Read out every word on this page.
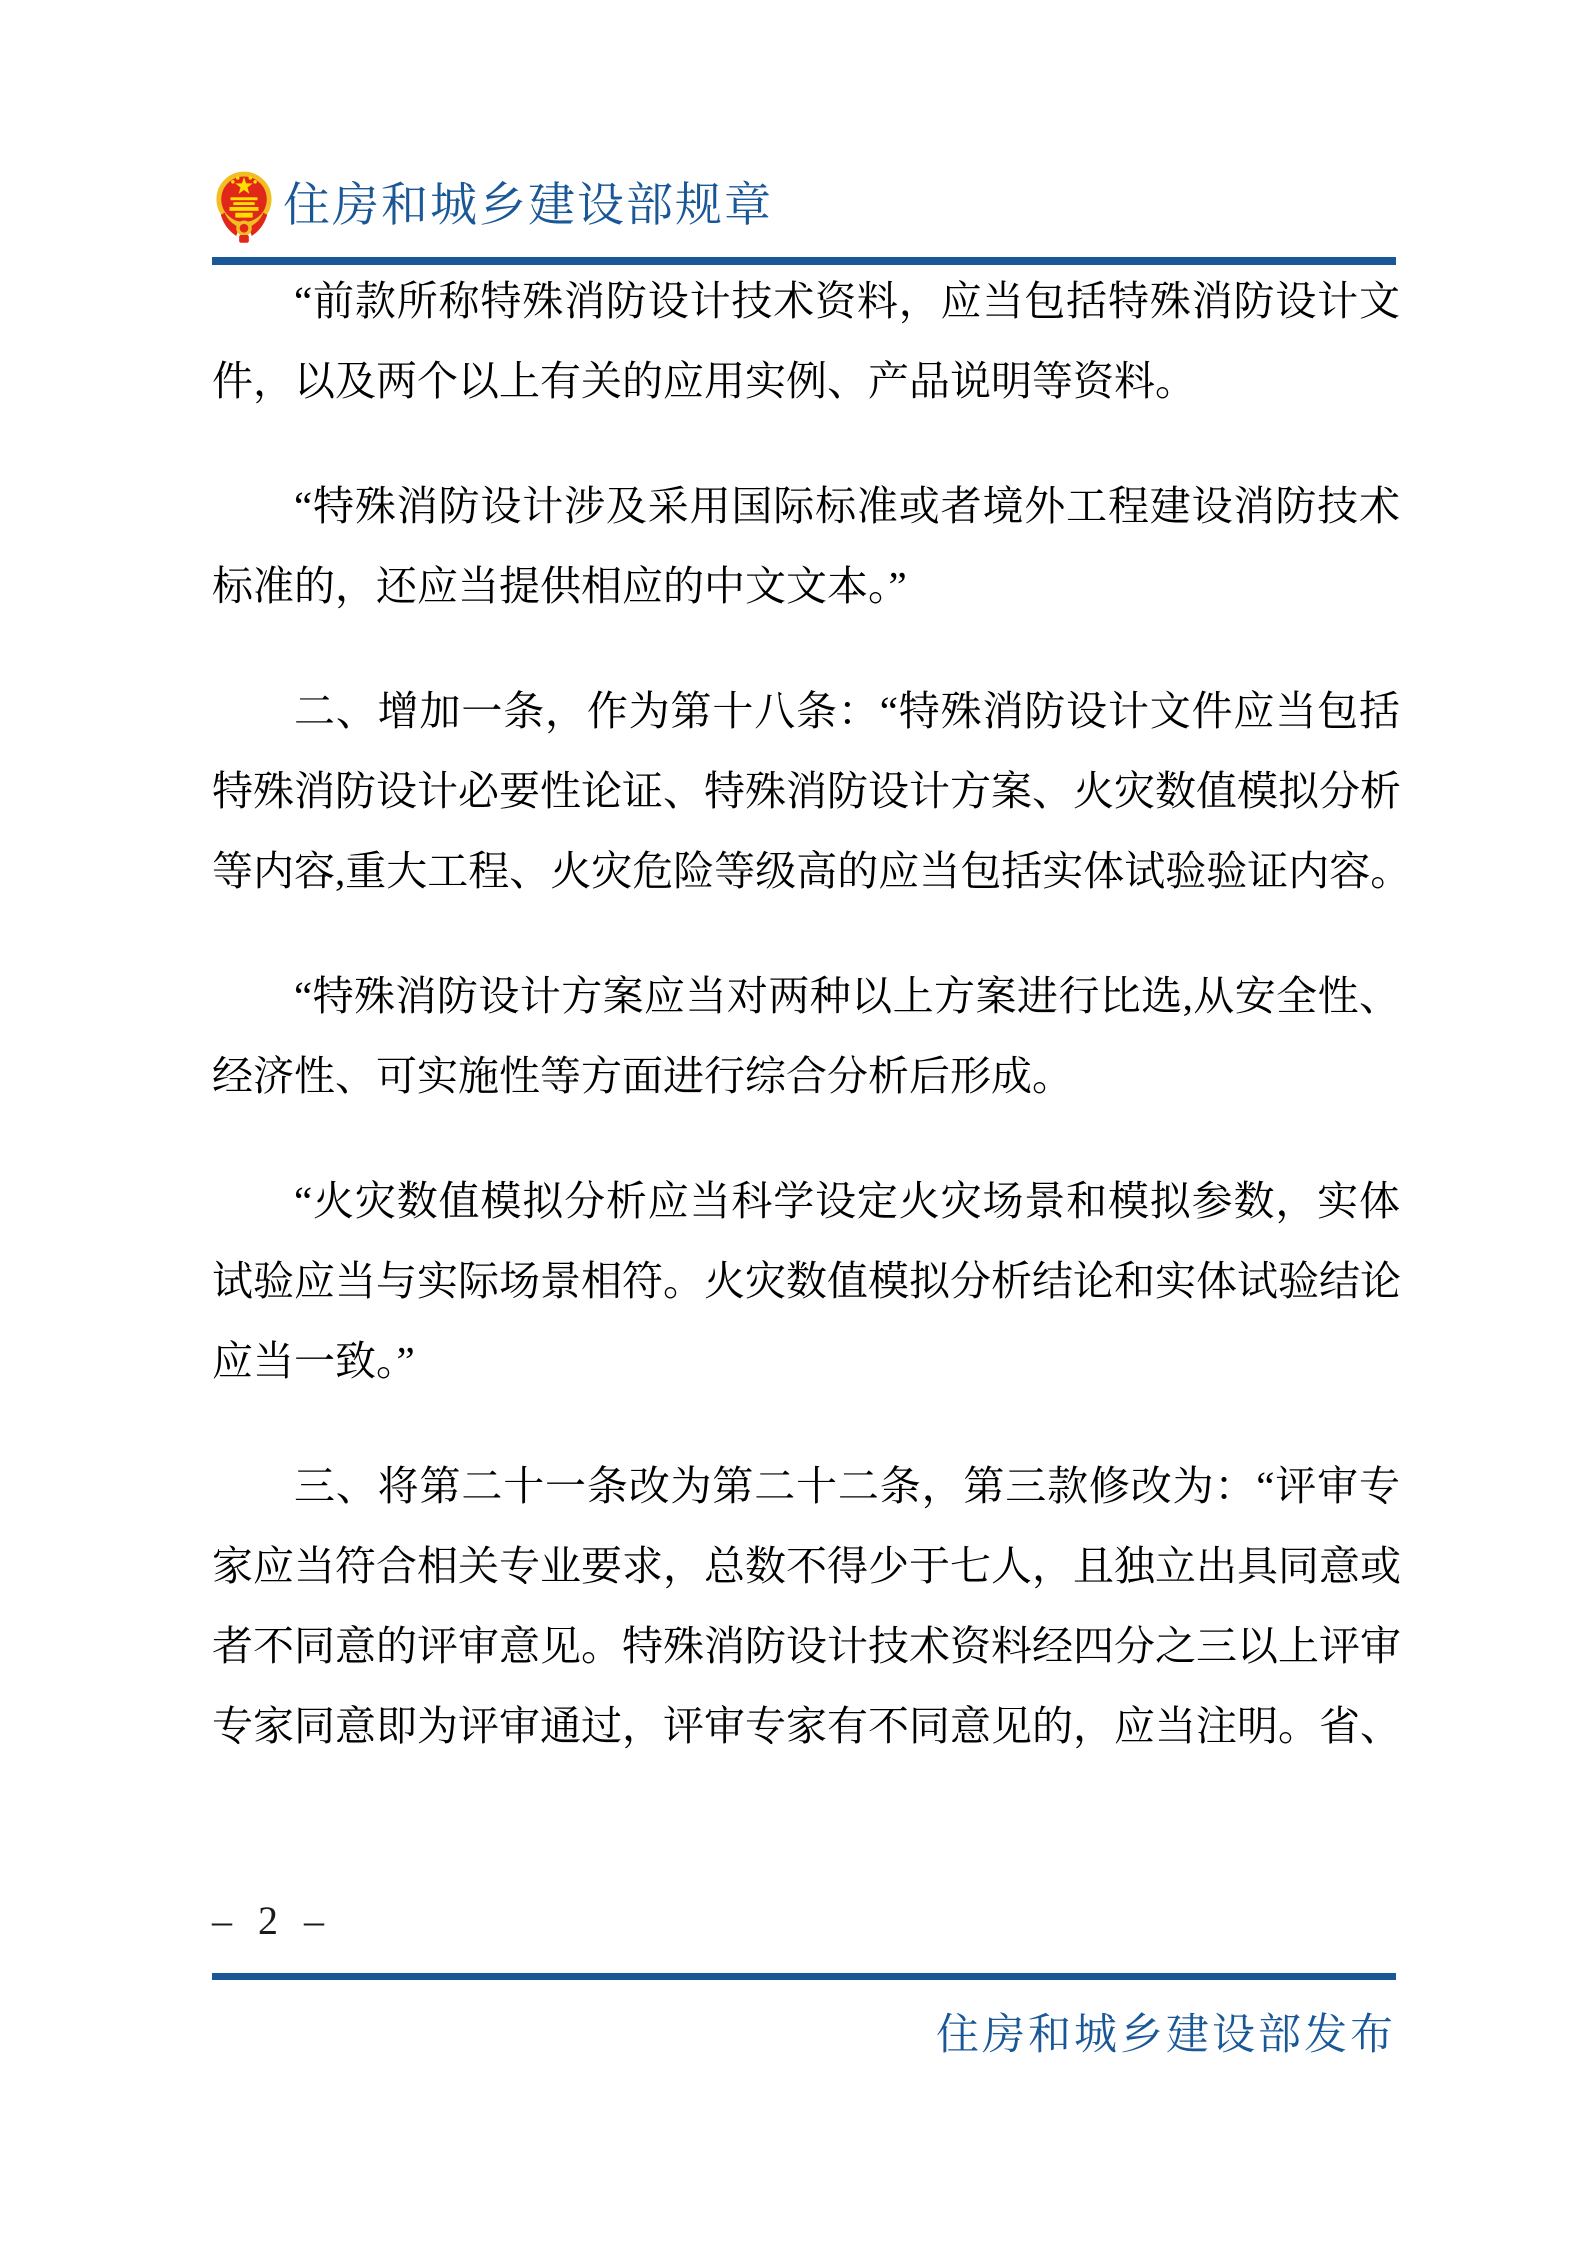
住房和城乡建设部规章

“前款所称特殊消防设计技术资料，应当包括特殊消防设计文
件，以及两个以上有关的应用实例、产品说明等资料。

“特殊消防设计涉及采用国际标准或者境外工程建设消防技术
标准的，还应当提供相应的中文文本。”

二、增加一条，作为第十八条：“特殊消防设计文件应当包括
特殊消防设计必要性论证、特殊消防设计方案、火灾数值模拟分析
等内容,重大工程、火灾危险等级高的应当包括实体试验验证内容。

“特殊消防设计方案应当对两种以上方案进行比选,从安全性、
经济性、可实施性等方面进行综合分析后形成。

“火灾数值模拟分析应当科学设定火灾场景和模拟参数，实体
试验应当与实际场景相符。火灾数值模拟分析结论和实体试验结论
应当一致。”

三、将第二十一条改为第二十二条，第三款修改为：“评审专
家应当符合相关专业要求，总数不得少于七人，且独立出具同意或
者不同意的评审意见。特殊消防设计技术资料经四分之三以上评审
专家同意即为评审通过，评审专家有不同意见的，应当注明。省、

– 2 –
住房和城乡建设部发布
